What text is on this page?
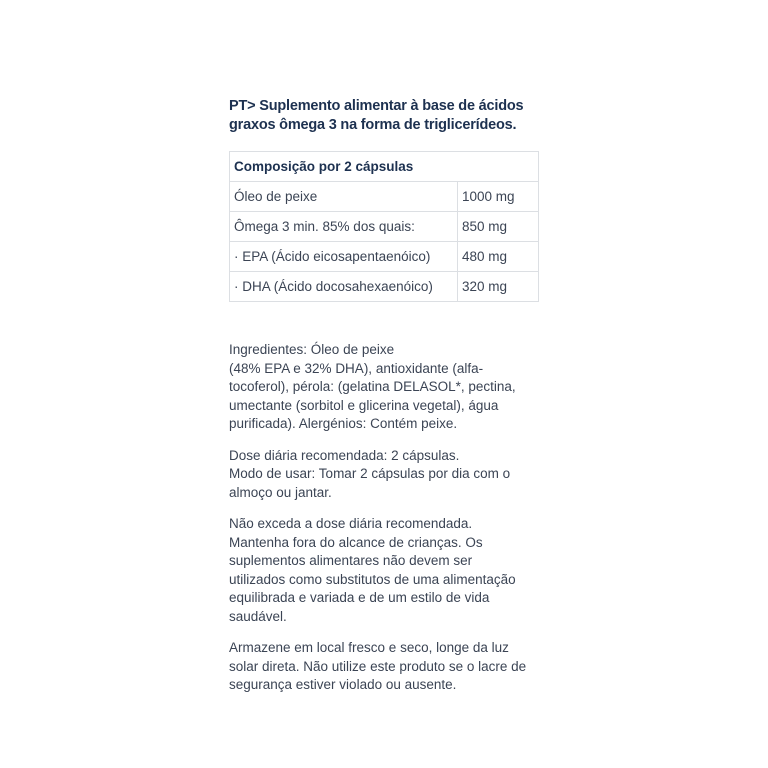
PT> Suplemento alimentar à base de ácidos
graxos ômega 3 na forma de triglicerídeos.

Composição por 2 cápsulas	
Óleo de peixe	1000 mg
Ômega 3 min. 85% dos quais:	850 mg
· EPA (Ácido eicosapentaenóico)	480 mg
· DHA (Ácido docosahexaenóico)	320 mg

Ingredientes: Óleo de peixe
(48% EPA e 32% DHA), antioxidante (alfa-
tocoferol), pérola: (gelatina DELASOL*, pectina,
umectante (sorbitol e glicerina vegetal), água
purificada). Alergénios: Contém peixe.

Dose diária recomendada: 2 cápsulas.
Modo de usar: Tomar 2 cápsulas por dia com o
almoço ou jantar.

Não exceda a dose diária recomendada.
Mantenha fora do alcance de crianças. Os
suplementos alimentares não devem ser
utilizados como substitutos de uma alimentação
equilibrada e variada e de um estilo de vida
saudável.

Armazene em local fresco e seco, longe da luz
solar direta. Não utilize este produto se o lacre de
segurança estiver violado ou ausente.
